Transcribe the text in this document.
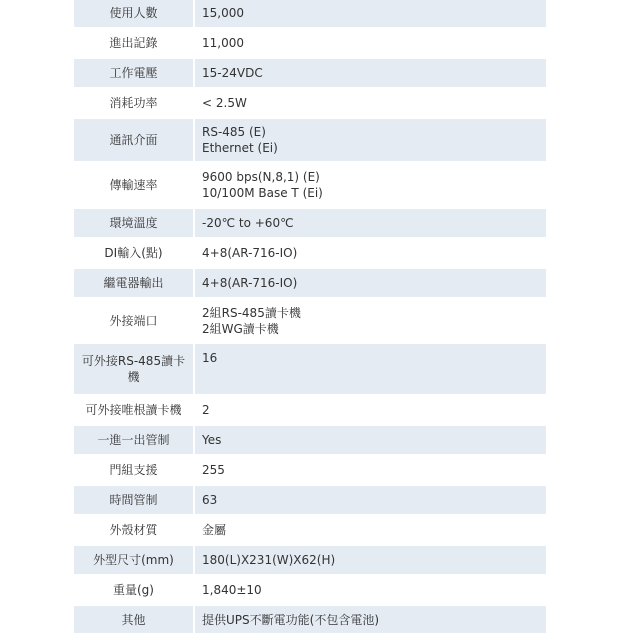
使用人數	15,000

進出記錄	11,000

工作電壓	15-24VDC

消耗功率	< 2.5W

通訊介面	RS-485 (E)
Ethernet (Ei)

傳輸速率	9600 bps(N,8,1) (E)
10/100M Base T (Ei)

環境溫度	-20℃ to +60℃

DI輸入(點)	4+8(AR-716-IO)

繼電器輸出	4+8(AR-716-IO)

外接端口	2組RS-485讀卡機
2組WG讀卡機

可外接RS-485讀卡機	16

可外接唯根讀卡機	2

一進一出管制	Yes

門組支援	255

時間管制	63

外殼材質	金屬

外型尺寸(mm)	180(L)X231(W)X62(H)

重量(g)	1,840±10

其他	提供UPS不斷電功能(不包含電池)
